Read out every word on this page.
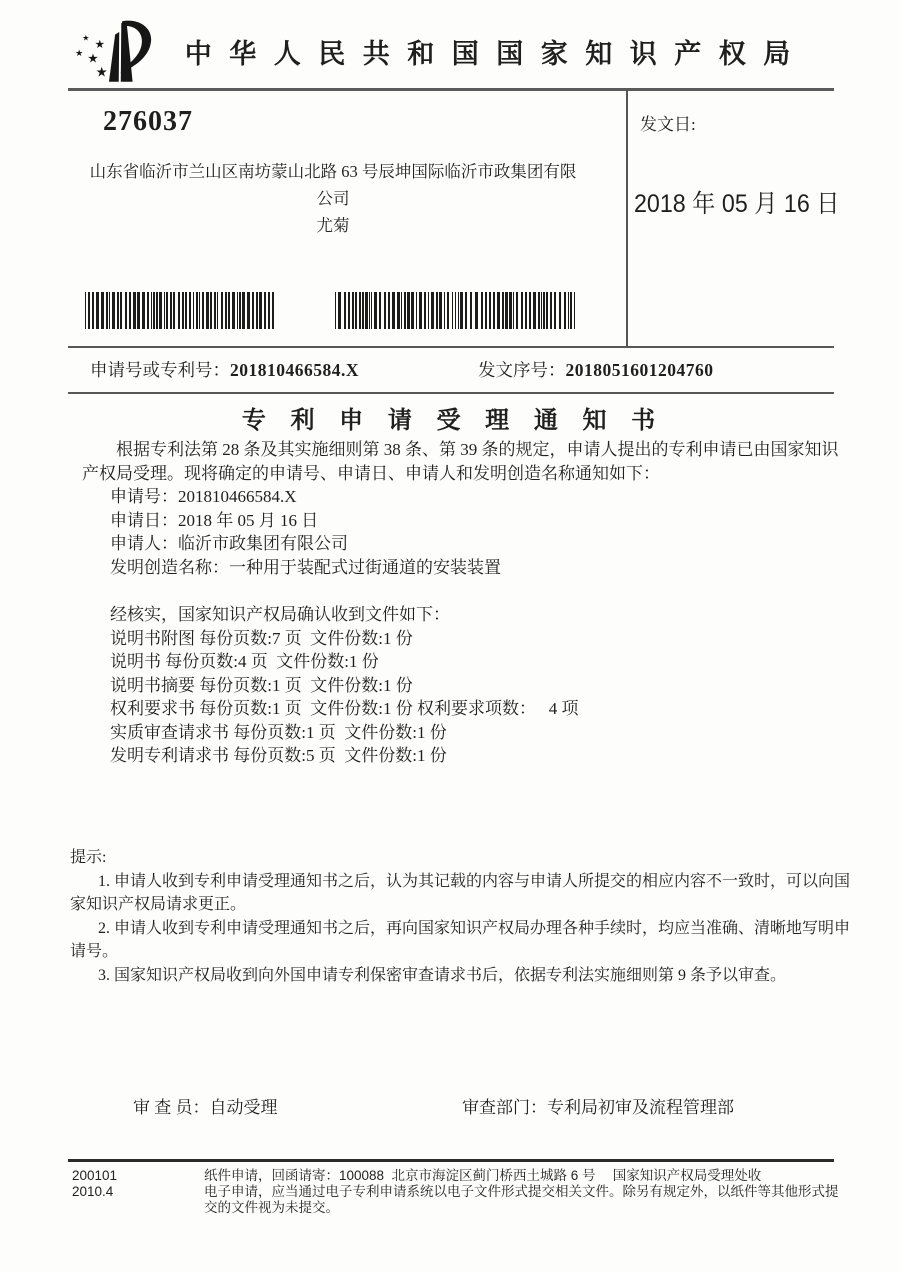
★
★
★ ★
★
中 华 人 民 共 和 国 国 家 知 识 产 权 局
276037
山东省临沂市兰山区南坊蒙山北路 63 号辰坤国际临沂市政集团有限
公司
尤菊
发文日:
2018 年 05 月 16 日
申请号或专利号：201810466584.X	发文序号：2018051601204760
专 利 申 请 受 理 通 知 书

根据专利法第 28 条及其实施细则第 38 条、第 39 条的规定，申请人提出的专利申请已由国家知识产权局受理。现将确定的申请号、申请日、申请人和发明创造名称通知如下：

申请号：201810466584.X

申请日：2018 年 05 月 16 日

申请人：临沂市政集团有限公司

发明创造名称：一种用于装配式过街通道的安装装置

经核实，国家知识产权局确认收到文件如下：

说明书附图 每份页数:7 页  文件份数:1 份

说明书 每份页数:4 页  文件份数:1 份

说明书摘要 每份页数:1 页  文件份数:1 份

权利要求书 每份页数:1 页  文件份数:1 份 权利要求项数：   4 项

实质审查请求书 每份页数:1 页  文件份数:1 份

发明专利请求书 每份页数:5 页  文件份数:1 份

提示:

1. 申请人收到专利申请受理通知书之后，认为其记载的内容与申请人所提交的相应内容不一致时，可以向国家知识产权局请求更正。

2. 申请人收到专利申请受理通知书之后，再向国家知识产权局办理各种手续时，均应当准确、清晰地写明申请号。

3. 国家知识产权局收到向外国申请专利保密审查请求书后，依据专利法实施细则第 9 条予以审查。

审 查 员：自动受理	审查部门：专利局初审及流程管理部
200101
2010.4

纸件申请，回函请寄：100088  北京市海淀区蓟门桥西土城路 6 号　 国家知识产权局受理处收

电子申请，应当通过电子专利申请系统以电子文件形式提交相关文件。除另有规定外，以纸件等其他形式提交的文件视为未提交。
